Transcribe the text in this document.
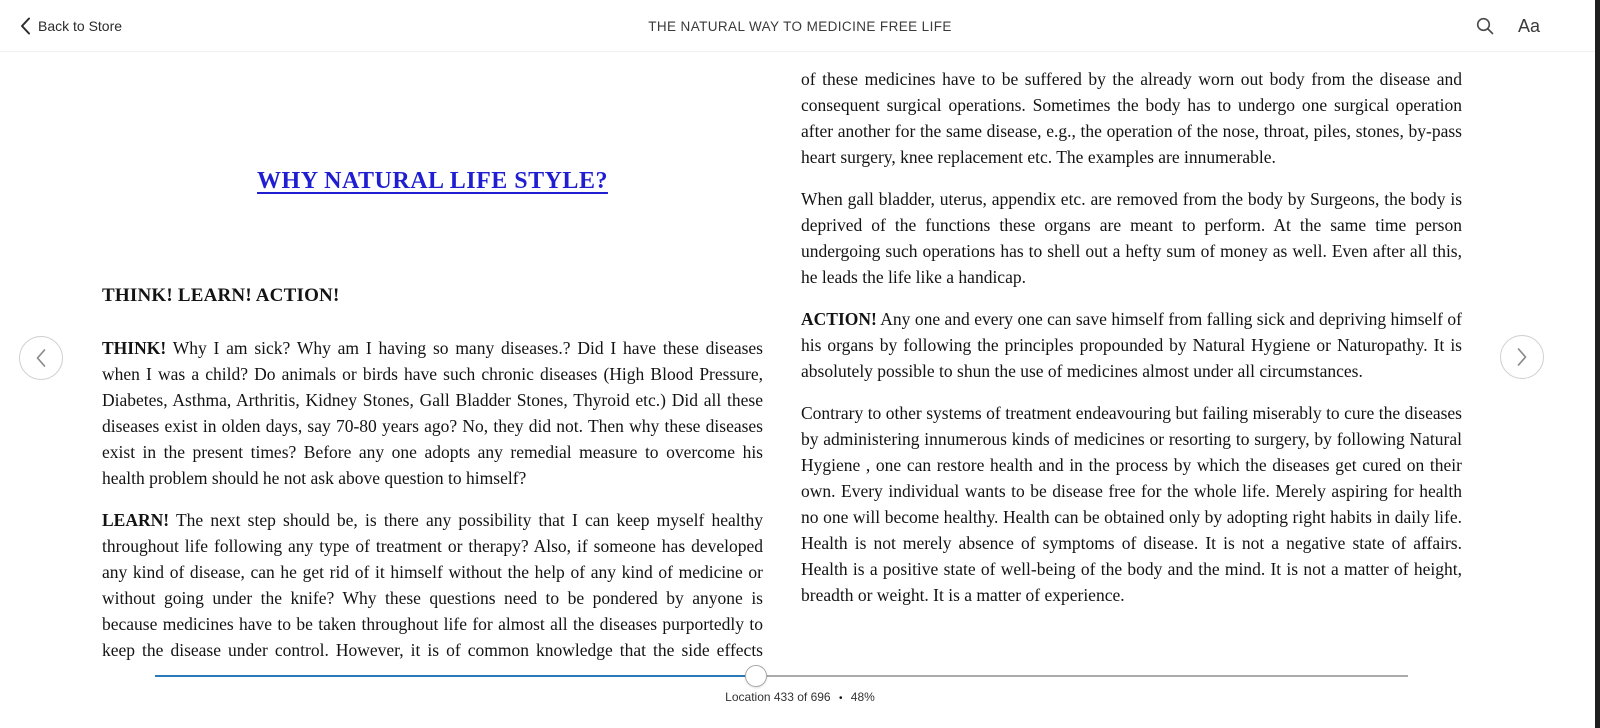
Back to Store	THE NATURAL WAY TO MEDICINE FREE LIFE	Aa
WHY NATURAL LIFE STYLE?
THINK! LEARN! ACTION!

THINK! Why I am sick? Why am I having so many diseases.? Did I have these diseases when I was a child? Do animals or birds have such chronic diseases (High Blood Pressure, Diabetes, Asthma, Arthritis, Kidney Stones, Gall Bladder Stones, Thyroid etc.) Did all these diseases exist in olden days, say 70-80 years ago? No, they did not. Then why these diseases exist in the present times? Before any one adopts any remedial measure to overcome his health problem should he not ask above question to himself?

LEARN! The next step should be, is there any possibility that I can keep myself healthy throughout life following any type of treatment or therapy? Also, if someone has developed any kind of disease, can he get rid of it himself without the help of any kind of medicine or without going under the knife? Why these questions need to be pondered by anyone is because medicines have to be taken throughout life for almost all the diseases purportedly to keep the disease under control. However, it is of common knowledge that the side effects

of these medicines have to be suffered by the already worn out body from the disease and consequent surgical operations. Sometimes the body has to undergo one surgical operation after another for the same disease, e.g., the operation of the nose, throat, piles, stones, by-pass heart surgery, knee replacement etc. The examples are innumerable.

When gall bladder, uterus, appendix etc. are removed from the body by Surgeons, the body is deprived of the functions these organs are meant to perform. At the same time person undergoing such operations has to shell out a hefty sum of money as well. Even after all this, he leads the life like a handicap.

ACTION! Any one and every one can save himself from falling sick and depriving himself of his organs by following the principles propounded by Natural Hygiene or Naturopathy. It is absolutely possible to shun the use of medicines almost under all circumstances.

Contrary to other systems of treatment endeavouring but failing miserably to cure the diseases by administering innumerous kinds of medicines or resorting to surgery, by following Natural Hygiene , one can restore health and in the process by which the diseases get cured on their own. Every individual wants to be disease free for the whole life. Merely aspiring for health no one will become healthy. Health can be obtained only by adopting right habits in daily life. Health is not merely absence of symptoms of disease. It is not a negative state of affairs. Health is a positive state of well-being of the body and the mind. It is not a matter of height, breadth or weight. It is a matter of experience.

Location 433 of 696 • 48%
